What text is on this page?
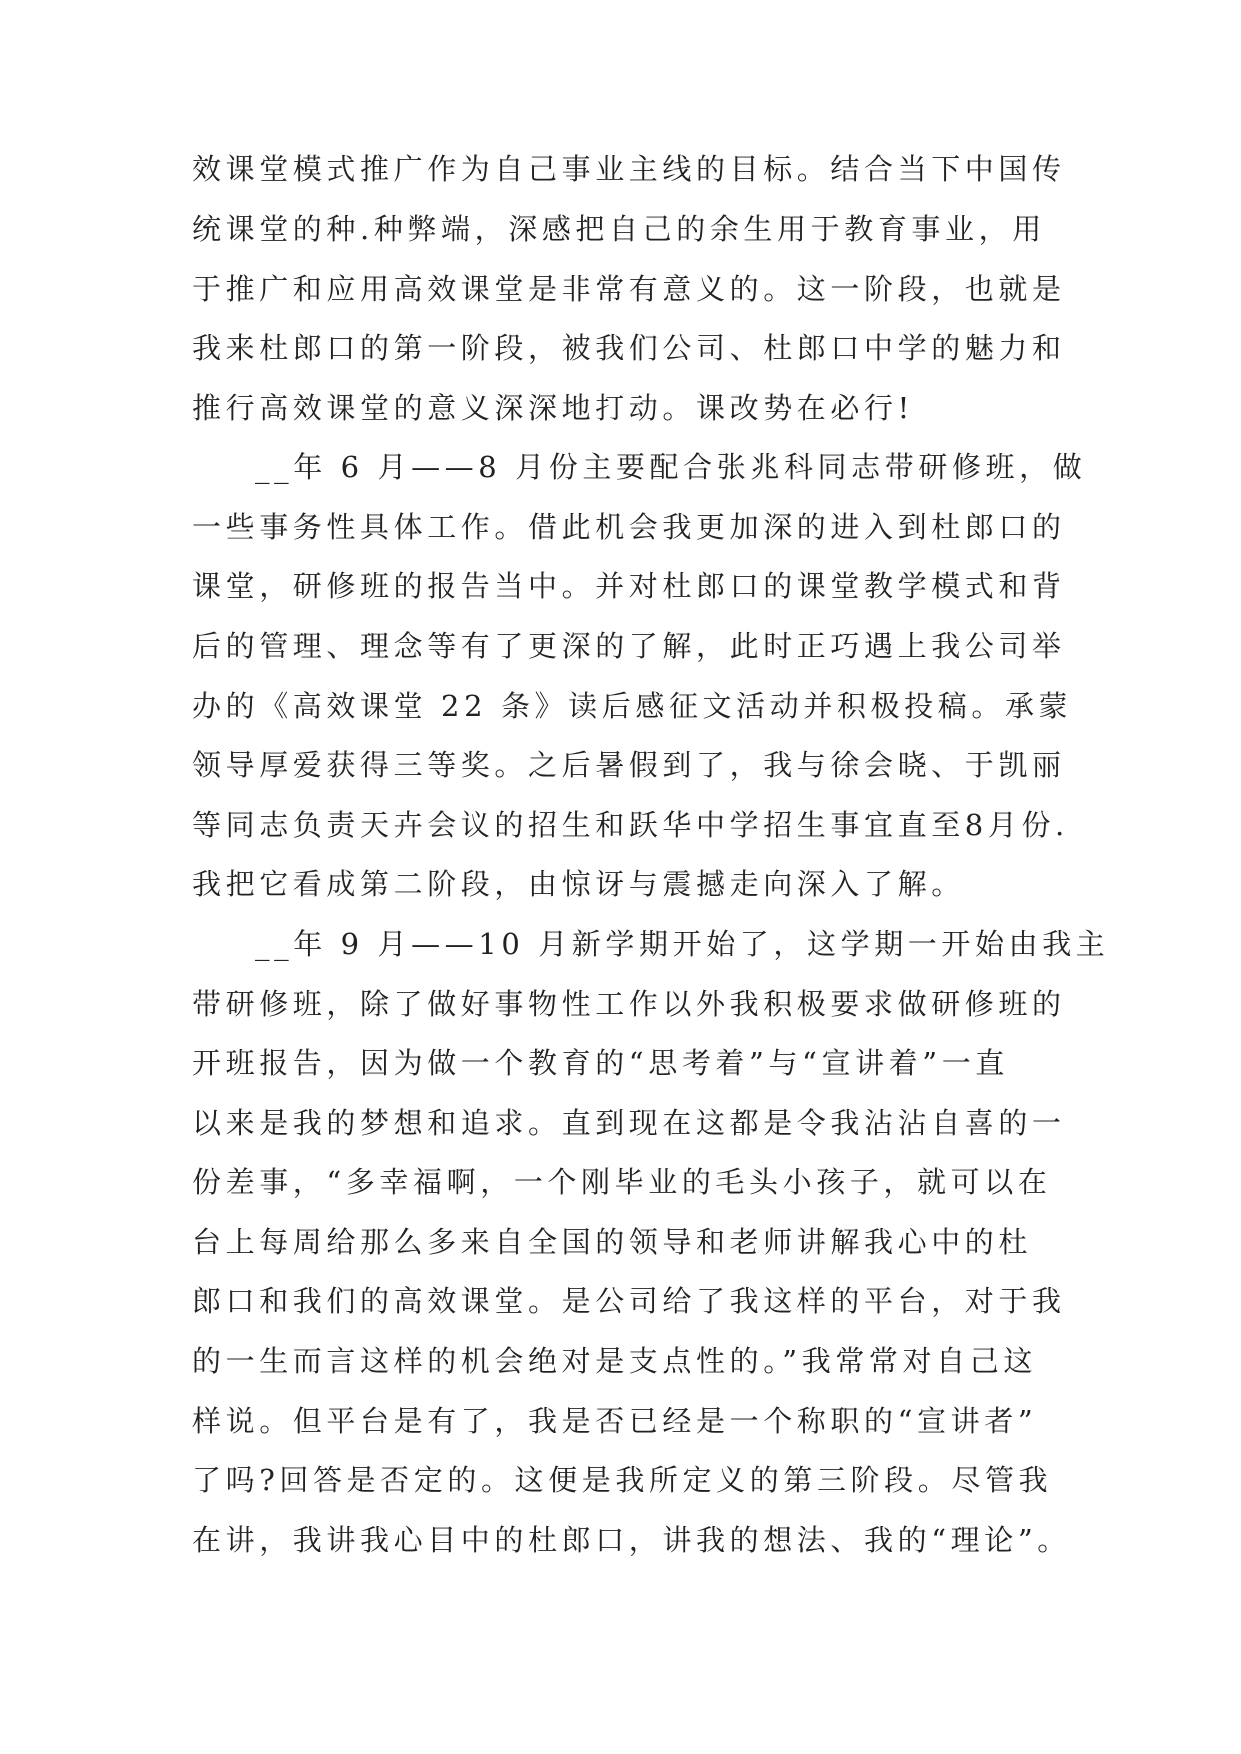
效课堂模式推广作为自己事业主线的目标。结合当下中国传
统课堂的种.种弊端，深感把自己的余生用于教育事业，用
于推广和应用高效课堂是非常有意义的。这一阶段，也就是
我来杜郎口的第一阶段，被我们公司、杜郎口中学的魅力和
推行高效课堂的意义深深地打动。课改势在必行!
__年 6 月——8 月份主要配合张兆科同志带研修班，做
一些事务性具体工作。借此机会我更加深的进入到杜郎口的
课堂，研修班的报告当中。并对杜郎口的课堂教学模式和背
后的管理、理念等有了更深的了解，此时正巧遇上我公司举
办的《高效课堂 22 条》读后感征文活动并积极投稿。承蒙
领导厚爱获得三等奖。之后暑假到了，我与徐会晓、于凯丽
等同志负责天卉会议的招生和跃华中学招生事宜直至8月份.
我把它看成第二阶段，由惊讶与震撼走向深入了解。
__年 9 月——10 月新学期开始了，这学期一开始由我主
带研修班，除了做好事物性工作以外我积极要求做研修班的
开班报告，因为做一个教育的“思考着”与“宣讲着”一直
以来是我的梦想和追求。直到现在这都是令我沾沾自喜的一
份差事，“多幸福啊，一个刚毕业的毛头小孩子，就可以在
台上每周给那么多来自全国的领导和老师讲解我心中的杜
郎口和我们的高效课堂。是公司给了我这样的平台，对于我
的一生而言这样的机会绝对是支点性的。”我常常对自己这
样说。但平台是有了，我是否已经是一个称职的“宣讲者”
了吗?回答是否定的。这便是我所定义的第三阶段。尽管我
在讲，我讲我心目中的杜郎口，讲我的想法、我的“理论”。
